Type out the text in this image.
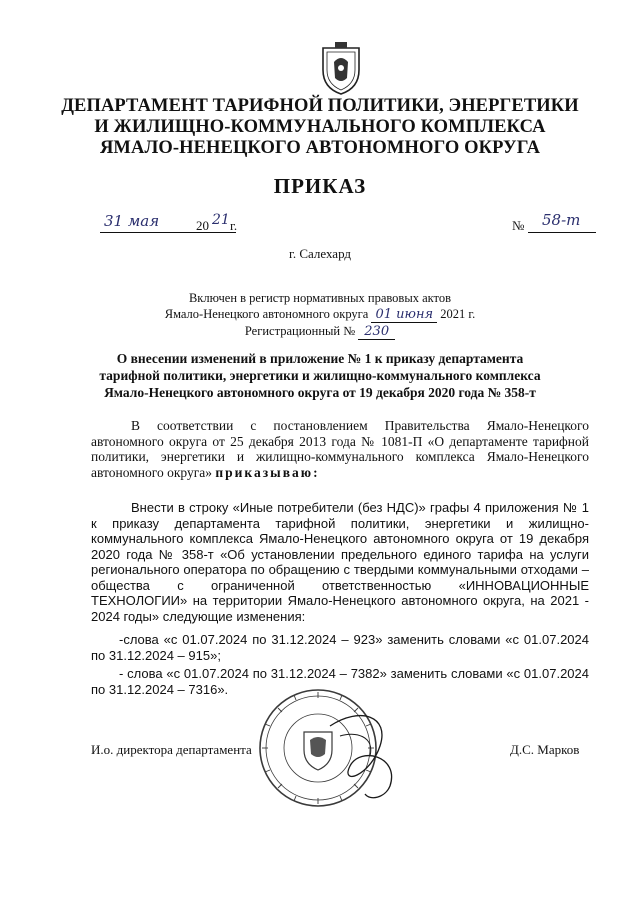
ДЕПАРТАМЕНТ ТАРИФНОЙ ПОЛИТИКИ, ЭНЕРГЕТИКИ
И ЖИЛИЩНО-КОММУНАЛЬНОГО КОМПЛЕКСА
ЯМАЛО-НЕНЕЦКОГО АВТОНОМНОГО ОКРУГА
ПРИКАЗ
31 мая	20 21 г.	№ 58-т
г. Салехард
Включен в регистр нормативных правовых актов
Ямало-Ненецкого автономного округа 01 июня 2021 г.
Регистрационный № 230
О внесении изменений в приложение № 1 к приказу департамента
тарифной политики, энергетики и жилищно-коммунального комплекса
Ямало-Ненецкого автономного округа от 19 декабря 2020 года № 358-т
В соответствии с постановлением Правительства Ямало-Ненецкого автономного округа от 25 декабря 2013 года № 1081-П «О департаменте тарифной политики, энергетики и жилищно-коммунального комплекса Ямало-Ненецкого автономного округа» приказываю:
Внести в строку «Иные потребители (без НДС)» графы 4 приложения № 1 к приказу департамента тарифной политики, энергетики и жилищно-коммунального комплекса Ямало-Ненецкого автономного округа от 19 декабря 2020 года № 358-т «Об установлении предельного единого тарифа на услуги регионального оператора по обращению с твердыми коммунальными отходами – общества с ограниченной ответственностью «ИННОВАЦИОННЫЕ ТЕХНОЛОГИИ» на территории Ямало-Ненецкого автономного округа, на 2021 - 2024 годы» следующие изменения:
-слова «с 01.07.2024 по 31.12.2024 – 923» заменить словами «с 01.07.2024 по 31.12.2024 – 915»;
- слова «с 01.07.2024 по 31.12.2024 – 7382» заменить словами «с 01.07.2024 по 31.12.2024 – 7316».
И.о. директора департамента	Д.С. Марков
